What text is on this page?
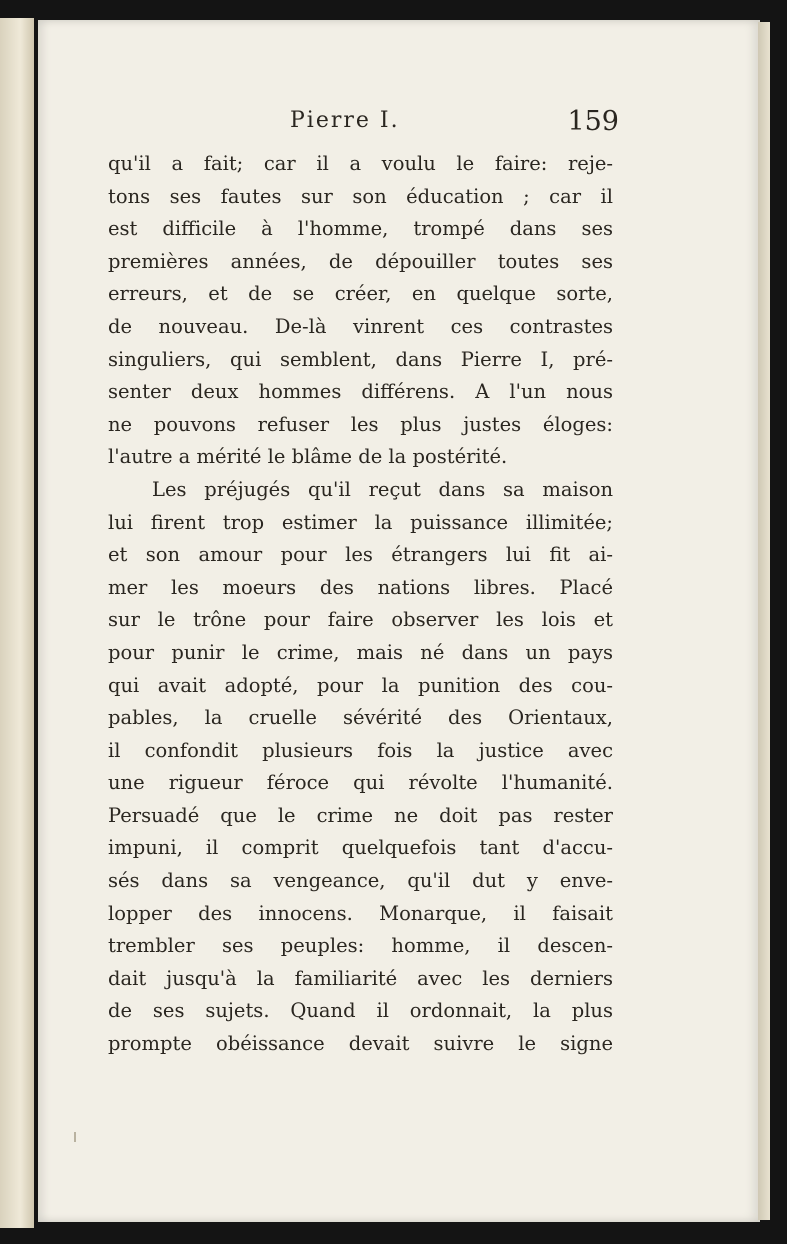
Pierre I.	159
qu'il a fait; car il a voulu le faire: reje-
tons ses fautes sur son éducation ; car il
est difficile à l'homme, trompé dans ses
premières années, de dépouiller toutes ses
erreurs, et de se créer, en quelque sorte,
de nouveau. De-là vinrent ces contrastes
singuliers, qui semblent, dans Pierre I, pré-
senter deux hommes différens. A l'un nous
ne pouvons refuser les plus justes éloges:
l'autre a mérité le blâme de la postérité.
Les préjugés qu'il reçut dans sa maison
lui firent trop estimer la puissance illimitée;
et son amour pour les étrangers lui fit ai-
mer les moeurs des nations libres. Placé
sur le trône pour faire observer les lois et
pour punir le crime, mais né dans un pays
qui avait adopté, pour la punition des cou-
pables, la cruelle sévérité des Orientaux,
il confondit plusieurs fois la justice avec
une rigueur féroce qui révolte l'humanité.
Persuadé que le crime ne doit pas rester
impuni, il comprit quelquefois tant d'accu-
sés dans sa vengeance, qu'il dut y enve-
lopper des innocens. Monarque, il faisait
trembler ses peuples: homme, il descen-
dait jusqu'à la familiarité avec les derniers
de ses sujets. Quand il ordonnait, la plus
prompte obéissance devait suivre le signe
